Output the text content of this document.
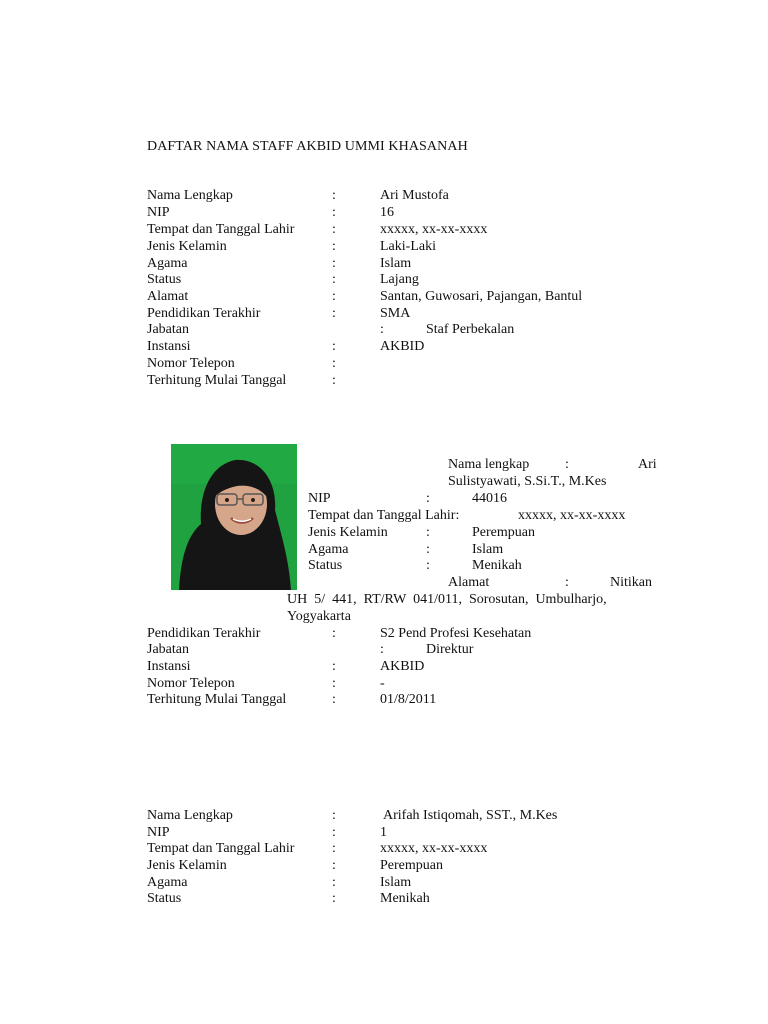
DAFTAR NAMA STAFF AKBID UMMI KHASANAH
Nama Lengkap	:	Ari Mustofa
NIP	:	16
Tempat dan Tanggal Lahir	:	xxxxx, xx-xx-xxxx
Jenis Kelamin	:	Laki-Laki
Agama	:	Islam
Status	:	Lajang
Alamat	:	Santan, Guwosari, Pajangan, Bantul
Pendidikan Terakhir	:	SMA
Jabatan	:	Staf Perbekalan
Instansi	:	AKBID
Nomor Telepon	:
Terhitung Mulai Tanggal	:
Nama lengkap	:	Ari
Sulistyawati, S.Si.T., M.Kes
NIP	:	44016
Tempat dan Tanggal Lahir:	xxxxx, xx-xx-xxxx
Jenis Kelamin	:	Perempuan
Agama	:	Islam
Status	:	Menikah
Alamat	:	Nitikan
UH  5/  441,  RT/RW  041/011,  Sorosutan,  Umbulharjo,
Yogyakarta
Pendidikan Terakhir	:	S2 Pend Profesi Kesehatan
Jabatan	:	Direktur
Instansi	:	AKBID
Nomor Telepon	:	-
Terhitung Mulai Tanggal	:	01/8/2011
Nama Lengkap	:	Arifah Istiqomah, SST., M.Kes
NIP	:	1
Tempat dan Tanggal Lahir	:	xxxxx, xx-xx-xxxx
Jenis Kelamin	:	Perempuan
Agama	:	Islam
Status	:	Menikah
